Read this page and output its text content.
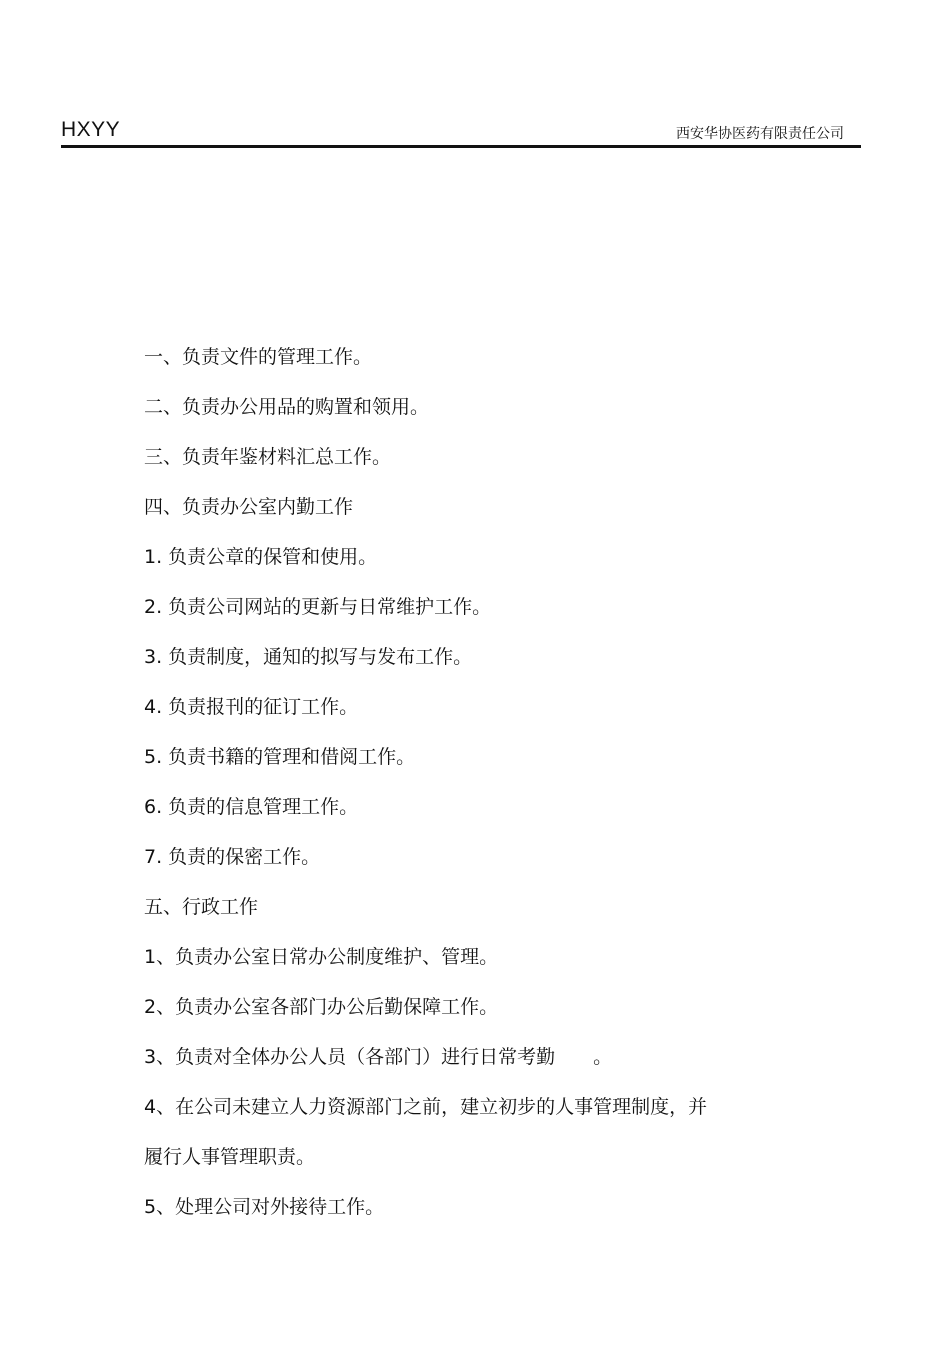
HXYY	西安华协医药有限责任公司
一、负责文件的管理工作。
二、负责办公用品的购置和领用。
三、负责年鉴材料汇总工作。
四、负责办公室内勤工作
1. 负责公章的保管和使用。
2. 负责公司网站的更新与日常维护工作。
3. 负责制度，通知的拟写与发布工作。
4. 负责报刊的征订工作。
5. 负责书籍的管理和借阅工作。
6. 负责的信息管理工作。
7. 负责的保密工作。
五、行政工作
1、负责办公室日常办公制度维护、管理。
2、负责办公室各部门办公后勤保障工作。
3、负责对全体办公人员（各部门）进行日常考勤　　。
4、在公司未建立人力资源部门之前，建立初步的人事管理制度，并
履行人事管理职责。
5、处理公司对外接待工作。
